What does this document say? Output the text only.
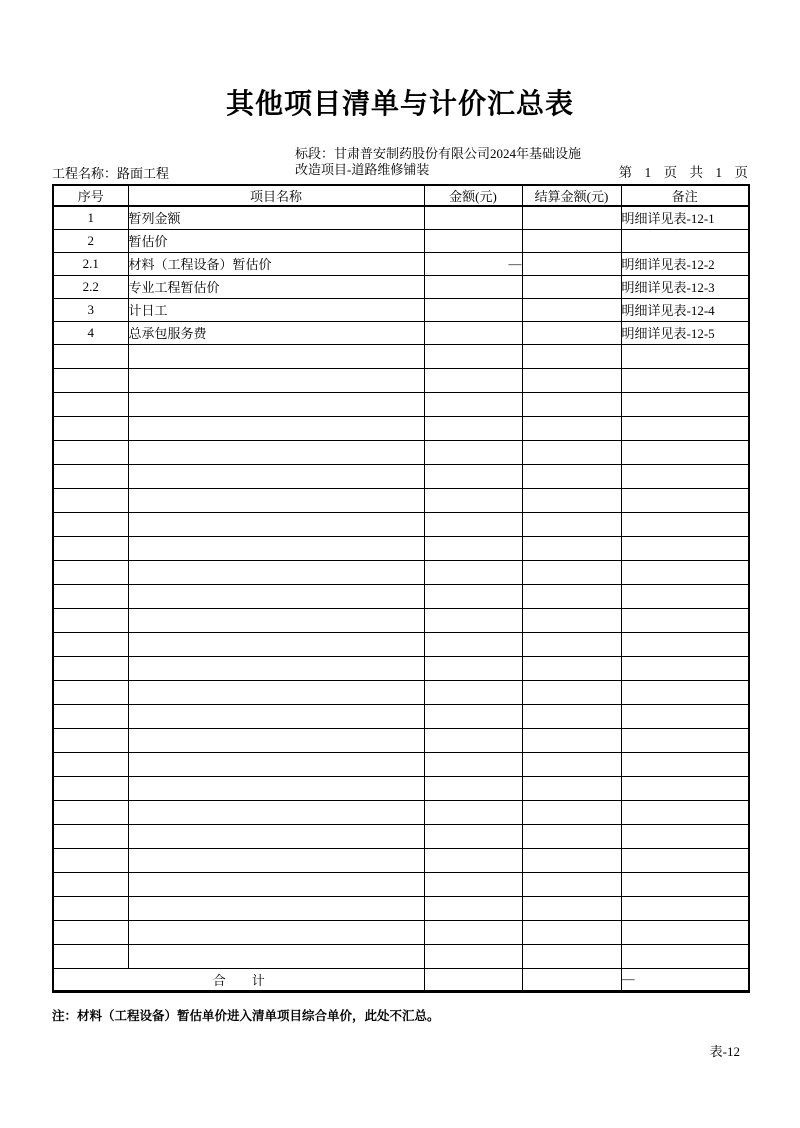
其他项目清单与计价汇总表
工程名称：路面工程
标段：甘肃普安制药股份有限公司2024年基础设施
改造项目-道路维修铺装	第 1 页 共 1 页
序号	项目名称	金额(元)	结算金额(元)	备注
1	暂列金额			明细详见表-12-1
2	暂估价			
2.1	材料（工程设备）暂估价	—		明细详见表-12-2
2.2	专业工程暂估价			明细详见表-12-3
3	计日工			明细详见表-12-4
4	总承包服务费			明细详见表-12-5

合　　计				—
注：材料（工程设备）暂估单价进入清单项目综合单价，此处不汇总。
表-12
